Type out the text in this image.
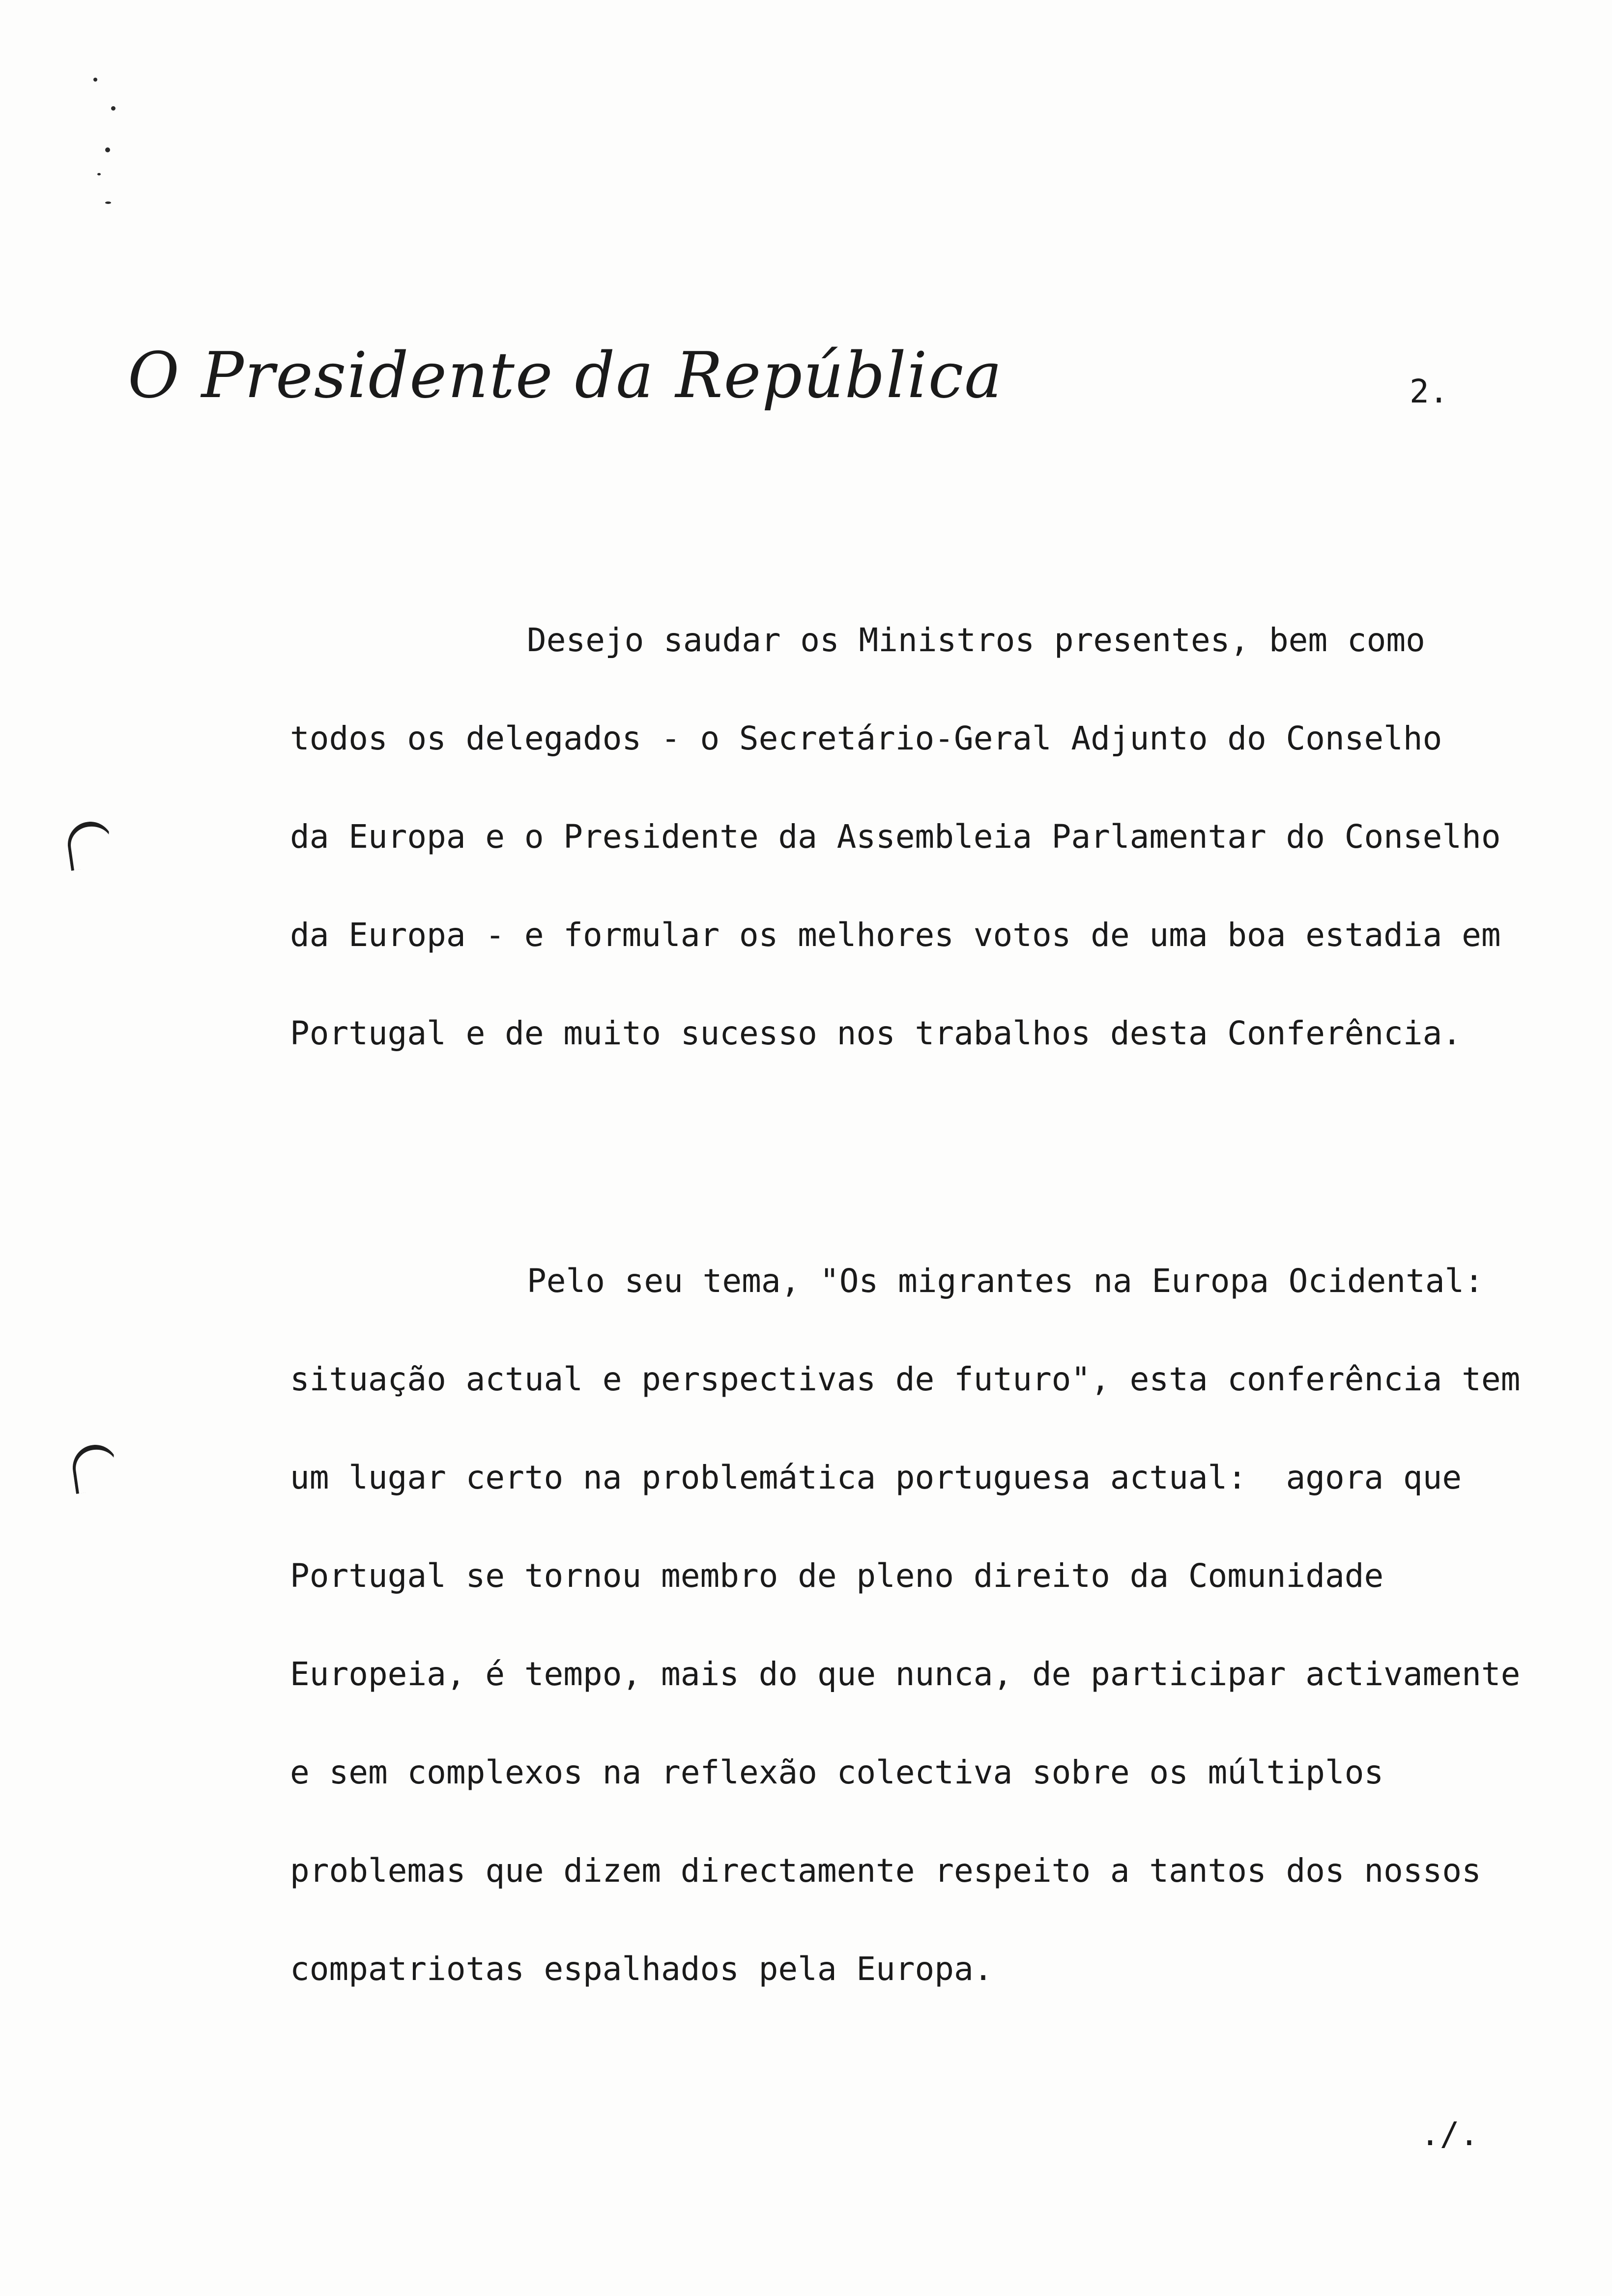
O Presidente da República	2.
Desejo saudar os Ministros presentes, bem como
todos os delegados - o Secretário-Geral Adjunto do Conselho
da Europa e o Presidente da Assembleia Parlamentar do Conselho
da Europa - e formular os melhores votos de uma boa estadia em
Portugal e de muito sucesso nos trabalhos desta Conferência.
Pelo seu tema, "Os migrantes na Europa Ocidental:
situação actual e perspectivas de futuro", esta conferência tem
um lugar certo na problemática portuguesa actual:  agora que
Portugal se tornou membro de pleno direito da Comunidade
Europeia, é tempo, mais do que nunca, de participar activamente
e sem complexos na reflexão colectiva sobre os múltiplos
problemas que dizem directamente respeito a tantos dos nossos
compatriotas espalhados pela Europa.
./.
